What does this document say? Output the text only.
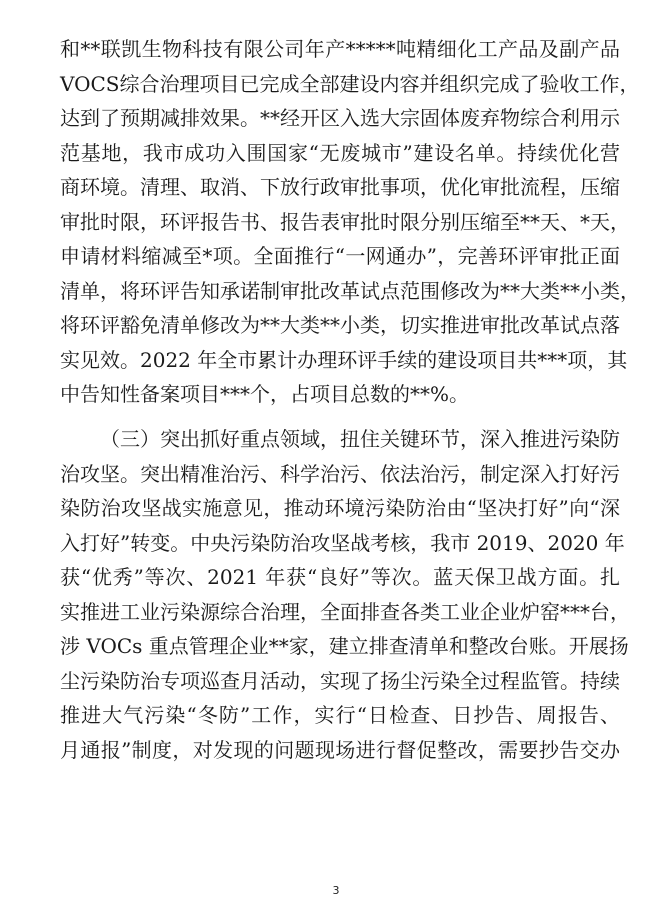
和**联凯生物科技有限公司年产*****吨精细化工产品及副产品
VOCS综合治理项目已完成全部建设内容并组织完成了验收工作，
达到了预期减排效果。**经开区入选大宗固体废弃物综合利用示
范基地，我市成功入围国家“无废城市”建设名单。持续优化营
商环境。清理、取消、下放行政审批事项，优化审批流程，压缩
审批时限，环评报告书、报告表审批时限分别压缩至**天、*天，
申请材料缩减至*项。全面推行“一网通办”，完善环评审批正面
清单，将环评告知承诺制审批改革试点范围修改为**大类**小类，
将环评豁免清单修改为**大类**小类，切实推进审批改革试点落
实见效。2022 年全市累计办理环评手续的建设项目共***项，其
中告知性备案项目***个，占项目总数的**%。
（三）突出抓好重点领域，扭住关键环节，深入推进污染防
治攻坚。突出精准治污、科学治污、依法治污，制定深入打好污
染防治攻坚战实施意见，推动环境污染防治由“坚决打好”向“深
入打好”转变。中央污染防治攻坚战考核，我市 2019、2020 年
获“优秀”等次、2021 年获“良好”等次。蓝天保卫战方面。扎
实推进工业污染源综合治理，全面排查各类工业企业炉窑***台，
涉 VOCs 重点管理企业**家，建立排查清单和整改台账。开展扬
尘污染防治专项巡查月活动，实现了扬尘污染全过程监管。持续
推进大气污染“冬防”工作，实行“日检查、日抄告、周报告、
月通报”制度，对发现的问题现场进行督促整改，需要抄告交办
3
